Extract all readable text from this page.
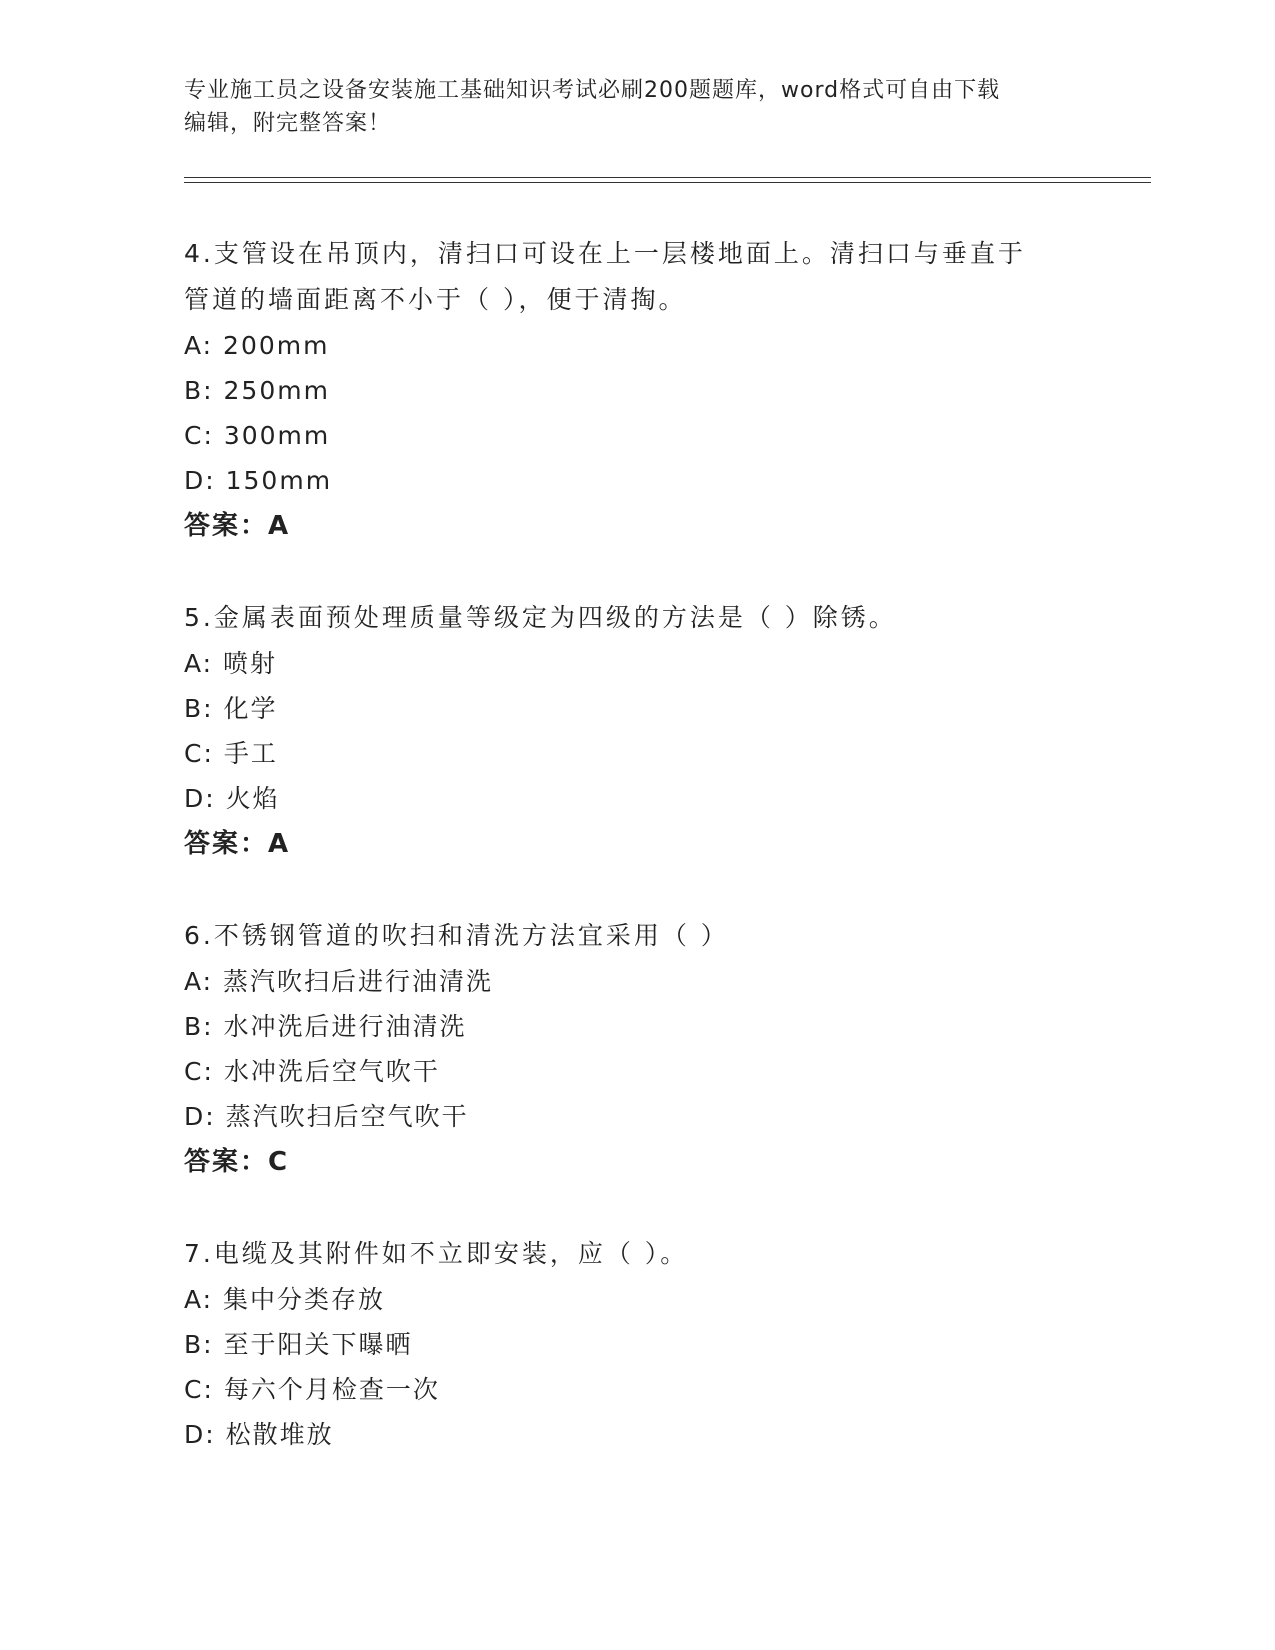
专业施工员之设备安装施工基础知识考试必刷200题题库，word格式可自由下载
编辑，附完整答案！
4.支管设在吊顶内，清扫口可设在上一层楼地面上。清扫口与垂直于
管道的墙面距离不小于（ ），便于清掏。
A: 200mm
B: 250mm
C: 300mm
D: 150mm
答案：A
5.金属表面预处理质量等级定为四级的方法是（ ）除锈。
A: 喷射
B: 化学
C: 手工
D: 火焰
答案：A
6.不锈钢管道的吹扫和清洗方法宜采用（ ）
A: 蒸汽吹扫后进行油清洗
B: 水冲洗后进行油清洗
C: 水冲洗后空气吹干
D: 蒸汽吹扫后空气吹干
答案：C
7.电缆及其附件如不立即安装，应（ ）。
A: 集中分类存放
B: 至于阳关下曝晒
C: 每六个月检查一次
D: 松散堆放
